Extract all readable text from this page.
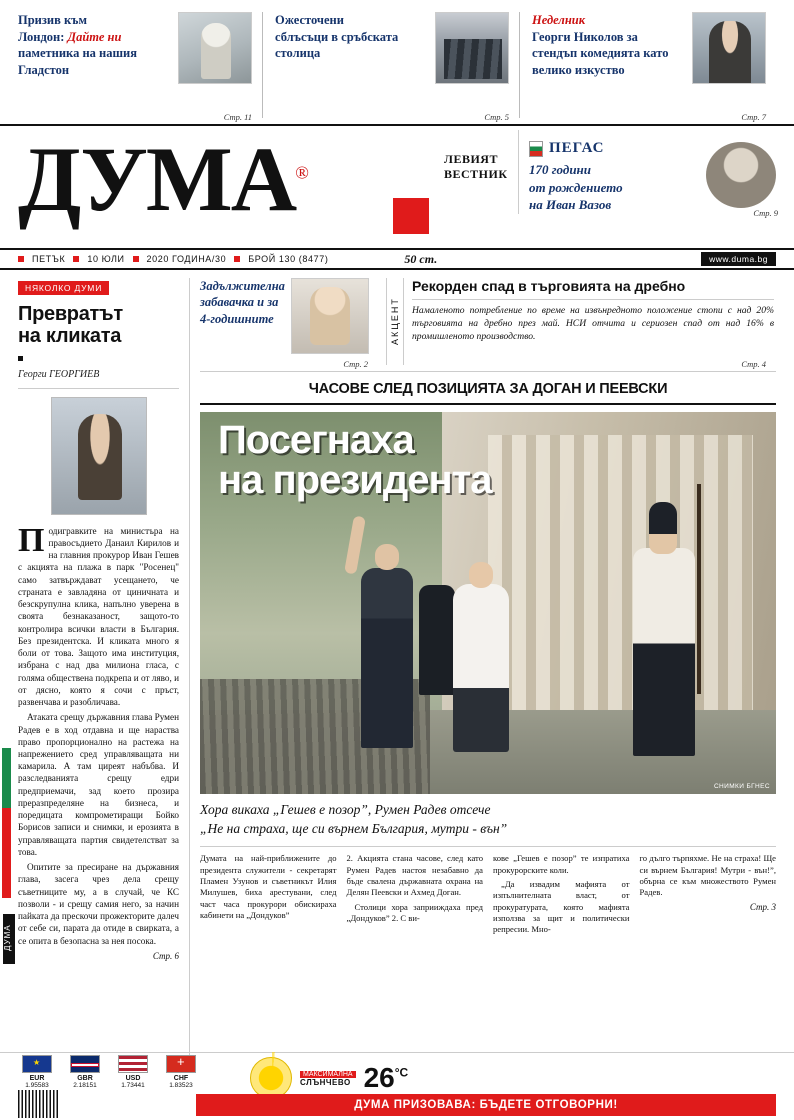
Призив към
Лондон: Дайте ни
паметника на нашия Гладстон
Стр. 11
Ожесточени
сблъсъци в сръбската столица
Стр. 5
Неделник
Георги Николов за стендъп комедията като велико изкуство
Стр. 7
ДУМА®
ЛЕВИЯТ
ВЕСТНИК
ПЕГАС
170 години
от рождението
на Иван Вазов
Стр. 9
ПЕТЪК 10 ЮЛИ 2020 ГОДИНА/30 БРОЙ 130 (8477)	50 ст.	www.duma.bg
НЯКОЛКО ДУМИ
Превратът
на кликата
Георги ГЕОРГИЕВ

Подигравките на министъра на правосъдието Данаил Кирилов и на главния прокурор Иван Гешев с акцията на плажа в парк "Росенец" само затвърждават усещането, че страната е завладяна от циничната и безскрупулна клика, напълно уверена в своята безнаказаност, защото-то контролира всички власти в България. Без президентска. И кликата много я боли от това. Защото има институция, избрана с над два милиона гласа, с голяма обществена подкрепа и от ляво, и от дясно, която я сочи с пръст, развенчава и разобличава.

Атаката срещу държавния глава Румен Радев е в ход отдавна и ще нараства право пропорционално на растежа на напрежението сред управляващата ни камарила. А там циреят набъбва. И разследванията срещу едри предприемачи, зад което прозира преразпределяне на бизнеса, и поредицата компрометиращи Бойко Борисов записи и снимки, и ерозията в управляващата партия свидетелстват за това.

Опитите за пресиране на държавния глава, засега чрез дела срещу съветниците му, а в случай, че КС позволи - и срещу самия него, за начин пайката да прескочи прожекторите далеч от себе си, парата да отиде в свирката, а се опита в безопасна за нея посока.

Стр. 6
ДУМА
Задължителна
забавачка и за
4-годишните
Стр. 2
АКЦЕНТ
Рекорден спад в търговията на дребно
Намаленото потребление по време на извънредното положение стопи с над 20% търговията на дребно през май. НСИ отчита и сериозен спад от над 16% в промишленото производство.
Стр. 4
ЧАСОВЕ СЛЕД ПОЗИЦИЯТА ЗА ДОГАН И ПЕЕВСКИ
Посегнаха
на президента
СНИМКИ БГНЕС
Хора викаха „Гешев е позор”, Румен Радев отсече
„Не на страха, ще си върнем България, мутри - вън”

Думата на най-приближените до президента служители - секретарят Пламен Узунов и съветникът Илия Милушев, биха арестувани, след част часа прокурори обискираха кабинети на „Дондуков”

2. Акцията стана часове, след като Румен Радев настоя незабавно да бъде свалена държавната охрана на Делян Пеевски и Ахмед Доган.

Столици хора заприиждаха пред „Дондуков” 2. С ви-

кове „Гешев е позор” те изпратиха прокурорските коли.

„Да извадим мафията от изпълнителната власт, от прокуратурата, която мафията използва за щит и политически репресии. Мно-

го дълго търпяхме. Не на страха! Ще си върнем България! Мутри - вън!”, обърна се към множеството Румен Радев.

Стр. 3
★
EUR
1.95583
GBR
2.18151
USD
1.73441
+
CHF
1.83523
МАКСИМАЛНА
СЛЪНЧЕВО $26^{^\circ С}$
ДУМА ПРИЗОВАВА: БЪДЕТЕ ОТГОВОРНИ!
